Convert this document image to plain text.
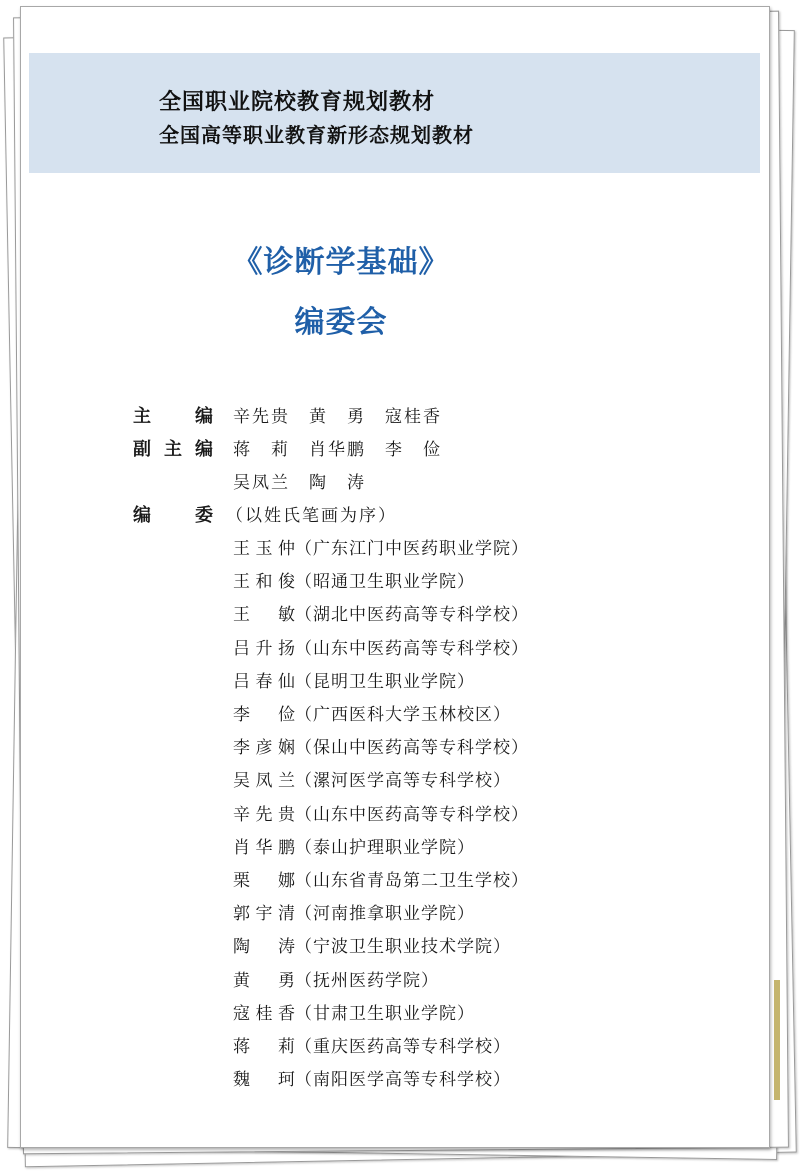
全国职业院校教育规划教材
全国高等职业教育新形态规划教材
《诊断学基础》
编委会
主 编 辛先贵　黄　勇　寇桂香
副 主 编 蒋　莉　肖华鹏　李　俭
吴凤兰　陶　涛
编 委 （以姓氏笔画为序）
王玉仲（广东江门中医药职业学院）
王和俊（昭通卫生职业学院）
王　敏（湖北中医药高等专科学校）
吕升扬（山东中医药高等专科学校）
吕春仙（昆明卫生职业学院）
李　俭（广西医科大学玉林校区）
李彦娴（保山中医药高等专科学校）
吴凤兰（漯河医学高等专科学校）
辛先贵（山东中医药高等专科学校）
肖华鹏（泰山护理职业学院）
栗　娜（山东省青岛第二卫生学校）
郭宇清（河南推拿职业学院）
陶　涛（宁波卫生职业技术学院）
黄　勇（抚州医药学院）
寇桂香（甘肃卫生职业学院）
蒋　莉（重庆医药高等专科学校）
魏　珂（南阳医学高等专科学校）
